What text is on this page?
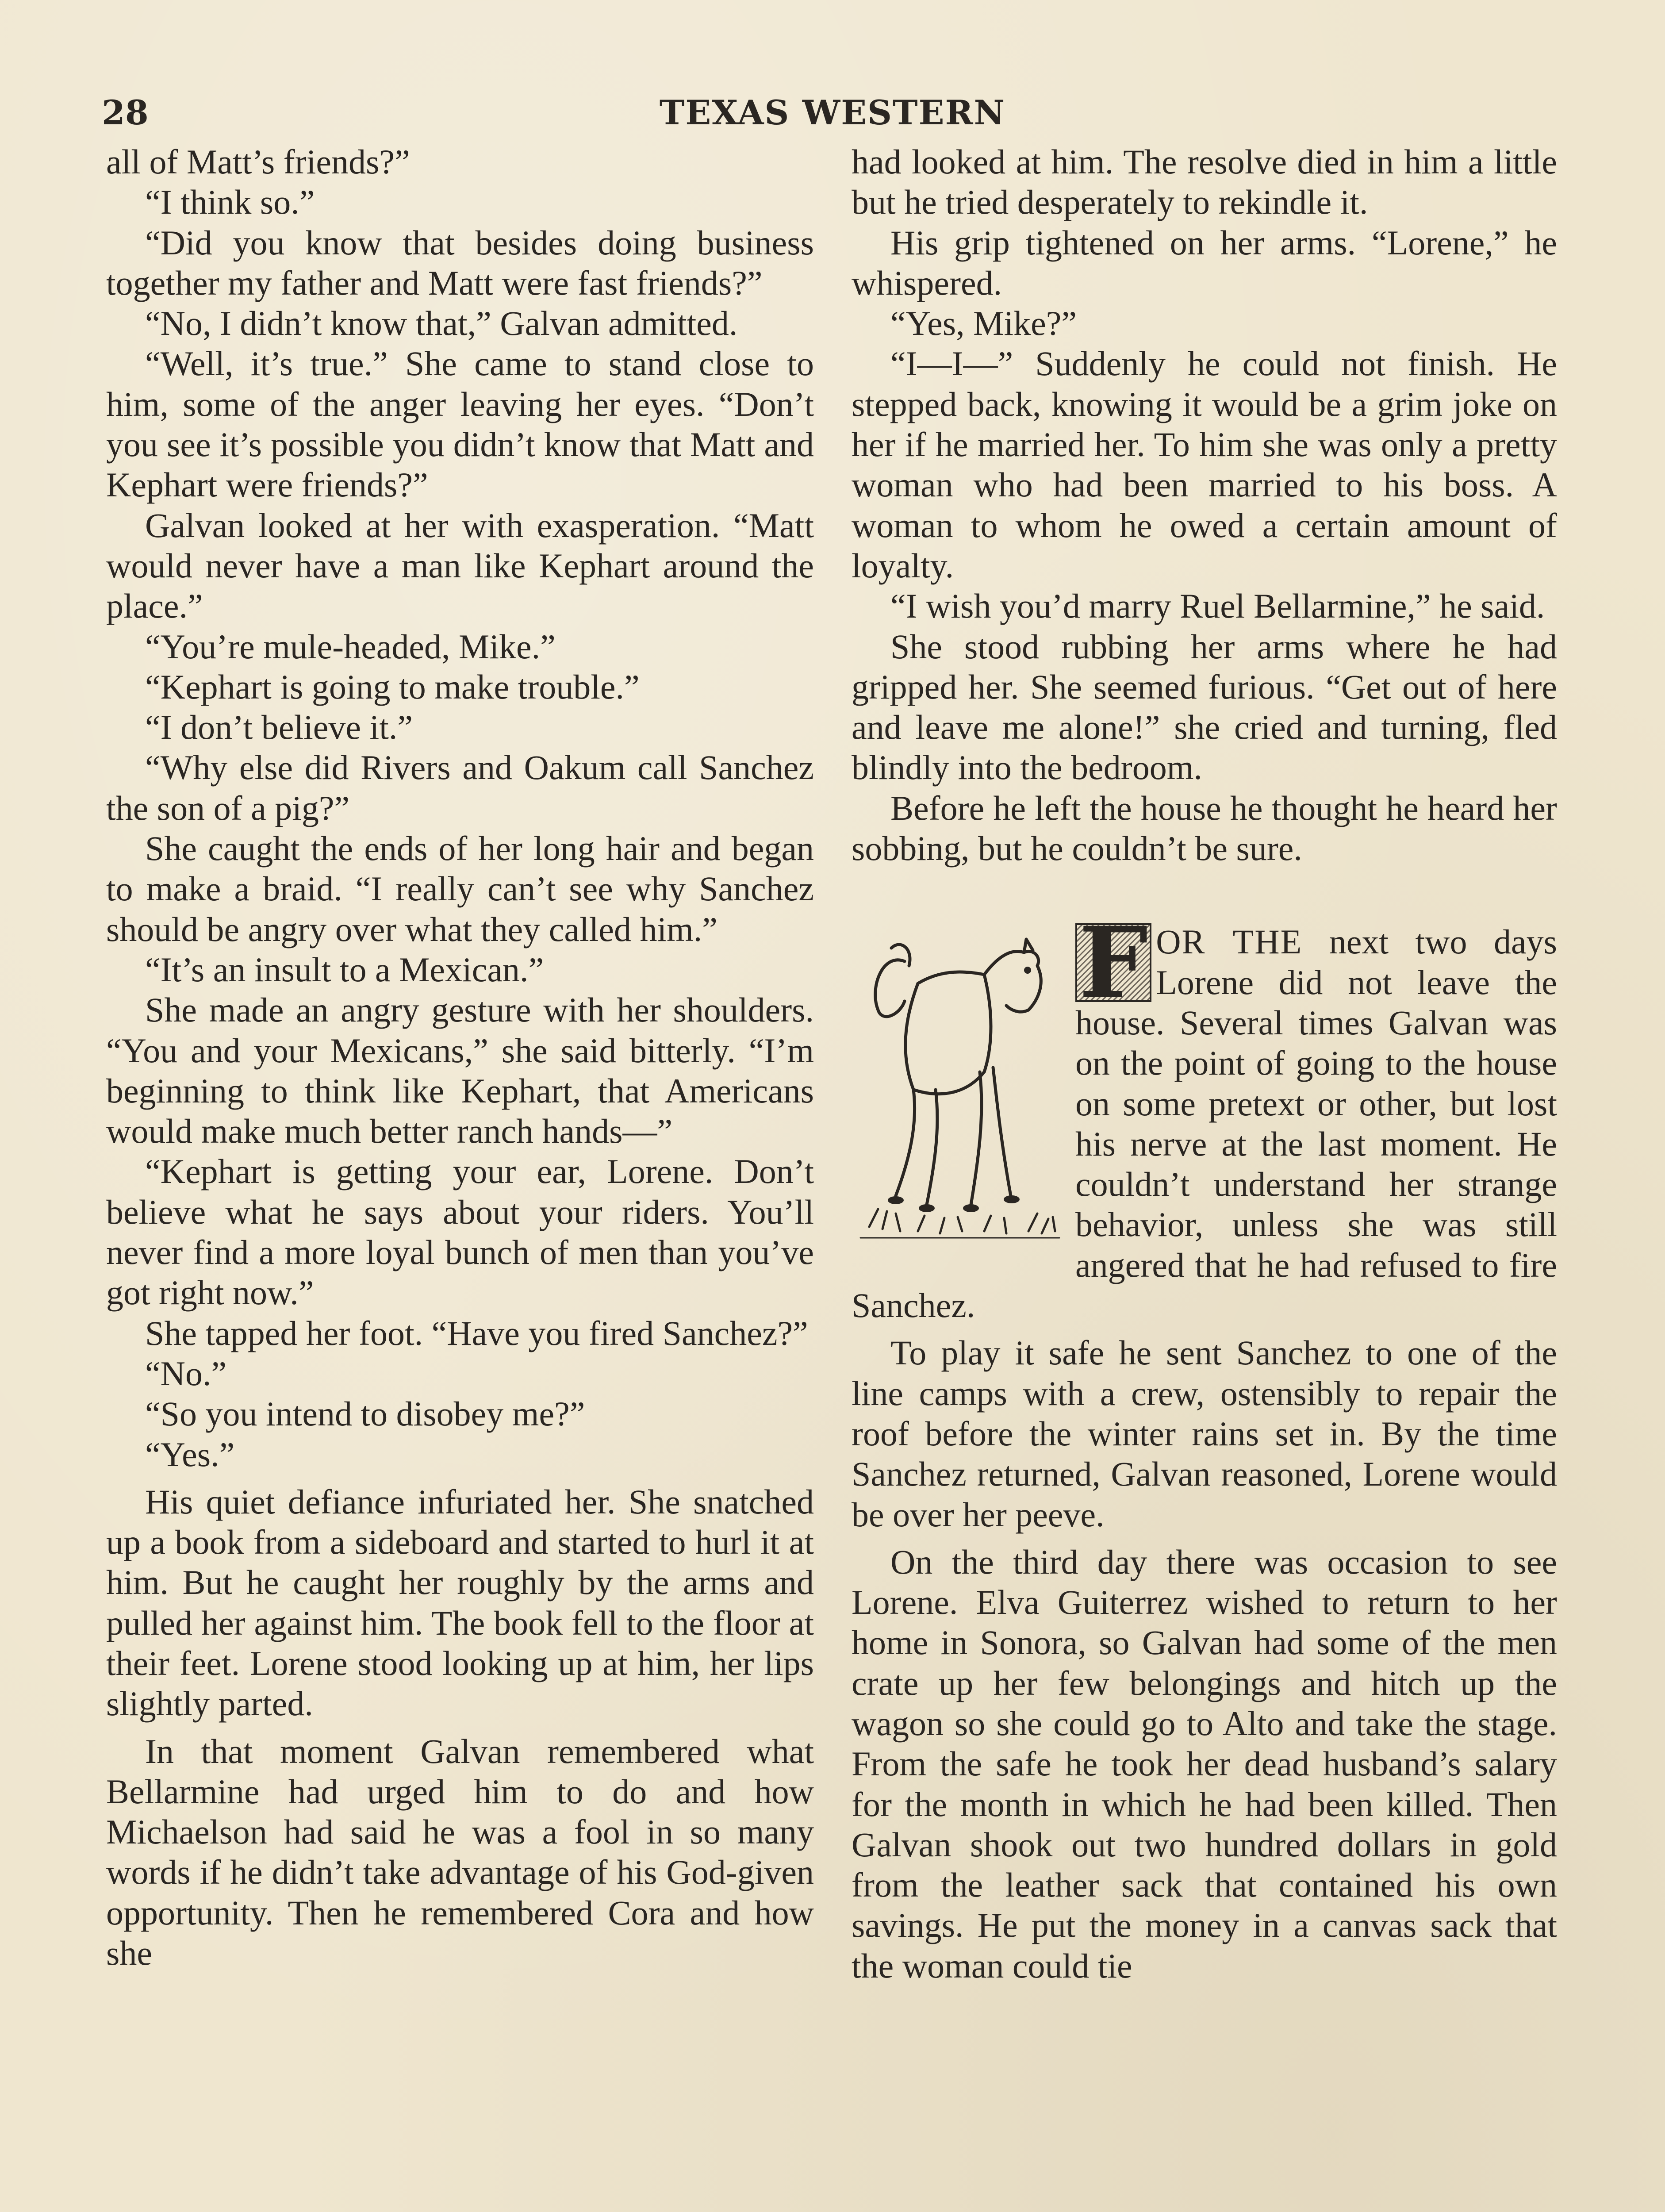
28	TEXAS WESTERN

all of Matt’s friends?”

“I think so.”

“Did you know that besides doing business together my father and Matt were fast friends?”

“No, I didn’t know that,” Galvan admitted.

“Well, it’s true.” She came to stand close to him, some of the anger leaving her eyes. “Don’t you see it’s possible you didn’t know that Matt and Kephart were friends?”

Galvan looked at her with exasperation. “Matt would never have a man like Kephart around the place.”

“You’re mule-headed, Mike.”

“Kephart is going to make trouble.”

“I don’t believe it.”

“Why else did Rivers and Oakum call Sanchez the son of a pig?”

She caught the ends of her long hair and began to make a braid. “I really can’t see why Sanchez should be angry over what they called him.”

“It’s an insult to a Mexican.”

She made an angry gesture with her shoulders. “You and your Mexicans,” she said bitterly. “I’m beginning to think like Kephart, that Americans would make much better ranch hands—”

“Kephart is getting your ear, Lorene. Don’t believe what he says about your riders. You’ll never find a more loyal bunch of men than you’ve got right now.”

She tapped her foot. “Have you fired Sanchez?”

“No.”

“So you intend to disobey me?”

“Yes.”

His quiet defiance infuriated her. She snatched up a book from a sideboard and started to hurl it at him. But he caught her roughly by the arms and pulled her against him. The book fell to the floor at their feet. Lorene stood looking up at him, her lips slightly parted.

In that moment Galvan remembered what Bellarmine had urged him to do and how Michaelson had said he was a fool in so many words if he didn’t take advantage of his God-given opportunity. Then he remembered Cora and how she

had looked at him. The resolve died in him a little but he tried desperately to rekindle it.

His grip tightened on her arms. “Lorene,” he whispered.

“Yes, Mike?”

“I—I—” Suddenly he could not finish. He stepped back, knowing it would be a grim joke on her if he married her. To him she was only a pretty woman who had been married to his boss. A woman to whom he owed a certain amount of loyalty.

“I wish you’d marry Ruel Bellarmine,” he said.

She stood rubbing her arms where he had gripped her. She seemed furious. “Get out of here and leave me alone!” she cried and turning, fled blindly into the bedroom.

Before he left the house he thought he heard her sobbing, but he couldn’t be sure.

F OR THE next two days Lorene did not leave the house. Several times Galvan was on the point of going to the house on some pretext or other, but lost his nerve at the last moment. He couldn’t understand her strange behavior, unless she was still angered that he had refused to fire Sanchez.

To play it safe he sent Sanchez to one of the line camps with a crew, ostensibly to repair the roof before the winter rains set in. By the time Sanchez returned, Galvan reasoned, Lorene would be over her peeve.

On the third day there was occasion to see Lorene. Elva Guiterrez wished to return to her home in Sonora, so Galvan had some of the men crate up her few belongings and hitch up the wagon so she could go to Alto and take the stage. From the safe he took her dead husband’s salary for the month in which he had been killed. Then Galvan shook out two hundred dollars in gold from the leather sack that contained his own savings. He put the money in a canvas sack that the woman could tie
